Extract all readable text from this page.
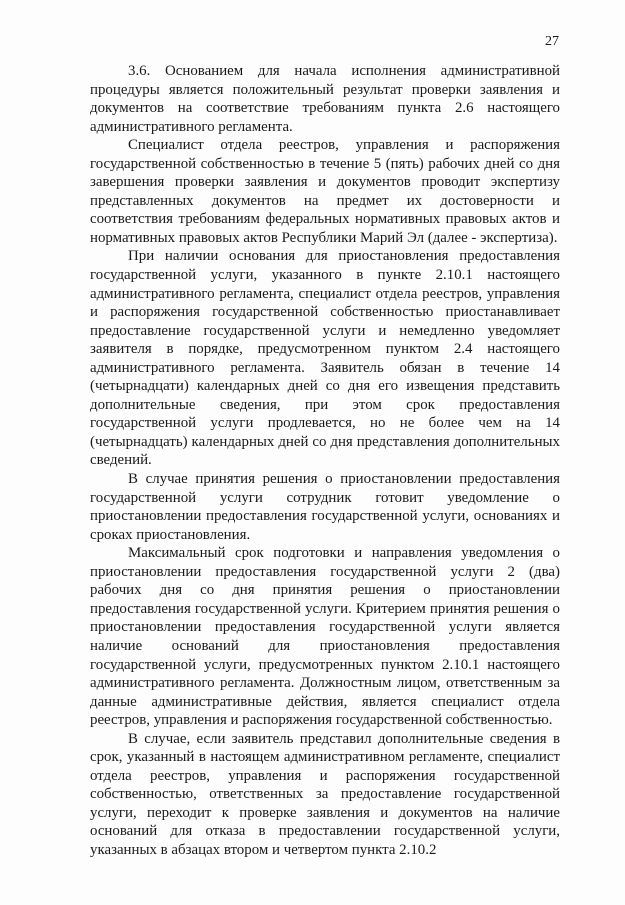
27

3.6. Основанием для начала исполнения административной процедуры является положительный результат проверки заявления и документов на соответствие требованиям пункта 2.6 настоящего административного регламента.

Специалист отдела реестров, управления и распоряжения государственной собственностью в течение 5 (пять) рабочих дней со дня завершения проверки заявления и документов проводит экспертизу представленных документов на предмет их достоверности и соответствия требованиям федеральных нормативных правовых актов и нормативных правовых актов Республики Марий Эл (далее - экспертиза).

При наличии основания для приостановления предоставления государственной услуги, указанного в пункте 2.10.1 настоящего административного регламента, специалист отдела реестров, управления и распоряжения государственной собственностью приостанавливает предоставление государственной услуги и немедленно уведомляет заявителя в порядке, предусмотренном пунктом 2.4 настоящего административного регламента. Заявитель обязан в течение 14 (четырнадцати) календарных дней со дня его извещения представить дополнительные сведения, при этом срок предоставления государственной услуги продлевается, но не более чем на 14 (четырнадцать) календарных дней со дня представления дополнительных сведений.

В случае принятия решения о приостановлении предоставления государственной услуги сотрудник готовит уведомление о приостановлении предоставления государственной услуги, основаниях и сроках приостановления.

Максимальный срок подготовки и направления уведомления о приостановлении предоставления государственной услуги 2 (два) рабочих дня со дня принятия решения о приостановлении предоставления государственной услуги. Критерием принятия решения о приостановлении предоставления государственной услуги является наличие оснований для приостановления предоставления государственной услуги, предусмотренных пунктом 2.10.1 настоящего административного регламента. Должностным лицом, ответственным за данные административные действия, является специалист отдела реестров, управления и распоряжения государственной собственностью.

В случае, если заявитель представил дополнительные сведения в срок, указанный в настоящем административном регламенте, специалист отдела реестров, управления и распоряжения государственной собственностью, ответственных за предоставление государственной услуги, переходит к проверке заявления и документов на наличие оснований для отказа в предоставлении государственной услуги, указанных в абзацах втором и четвертом пункта 2.10.2
